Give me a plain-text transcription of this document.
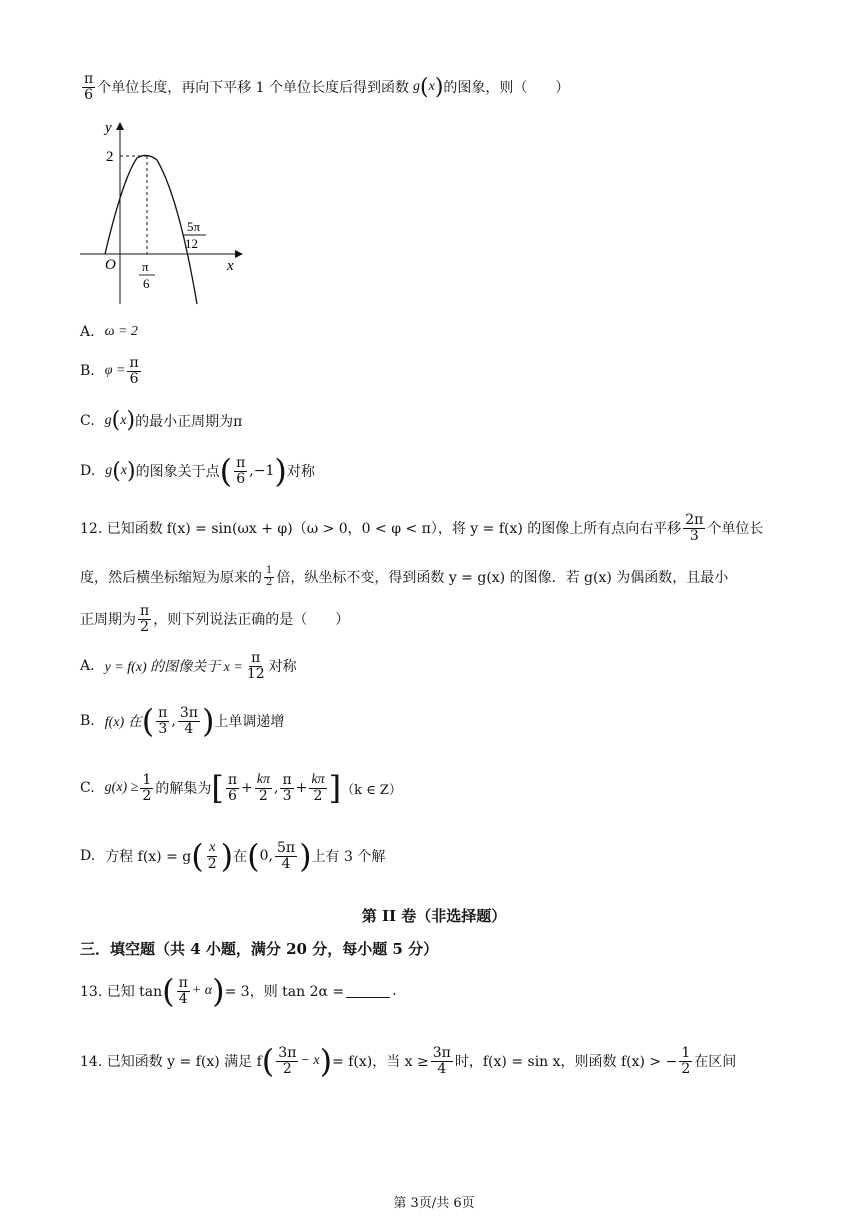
$\frac{\pi}{6}$ 个单位长度，再向下平移 1 个单位长度后得到函数 g ( x ) 的图象，则（　　）
y
x
O
2
π
6
5π
12
A. ω = 2
B. $\varphi = \frac{\pi}{6}$
C. g ( x ) 的最小正周期为π
D. g ( x ) 的图象关于点 ( $\frac{\pi}{6} ,-1$ ) 对称
12. 已知函数 f(x) = sin(ωx + φ)（ω > 0，0 < φ < π），将 y = f(x) 的图像上所有点向右平移 $\frac{2\pi}{3}$ 个单位长
度，然后横坐标缩短为原来的 $\frac{1}{2}$ 倍，纵坐标不变，得到函数 y = g(x) 的图像．若 g(x) 为偶函数，且最小
正周期为 $\frac{\pi}{2}$ ，则下列说法正确的是（　　）
A. y = f(x) 的图像关于 $x = \frac{\pi}{12}$ 对称
B. f(x) 在 ( $\frac{\pi}{3}$ , $\frac{3\pi}{4}$ ) 上单调递增
C. $g(x) \ge \frac{1}{2}$ 的解集为 [ $\frac{\pi}{6} + \frac{k\pi}{2}$ , $\frac{\pi}{3} + \frac{k\pi}{2}$ ] （k ∈ Z）
D. 方程 f(x) = g ( $\frac{x}{2}$ ) 在 ( 0, $\frac{5\pi}{4}$ ) 上有 3 个解
第 II 卷（非选择题）
三．填空题（共 4 小题，满分 20 分，每小题 5 分）
13. 已知 tan ( $\frac{\pi}{4} + \alpha$ ) = 3，则 tan 2α =	.
14. 已知函数 y = f(x) 满足 f ( $\frac{3\pi}{2} - x$ ) = f(x)，当 $x \ge \frac{3\pi}{4}$ 时，f(x) = sin x，则函数 f(x) > − $\frac{1}{2}$ 在区间
第 3页/共 6页
